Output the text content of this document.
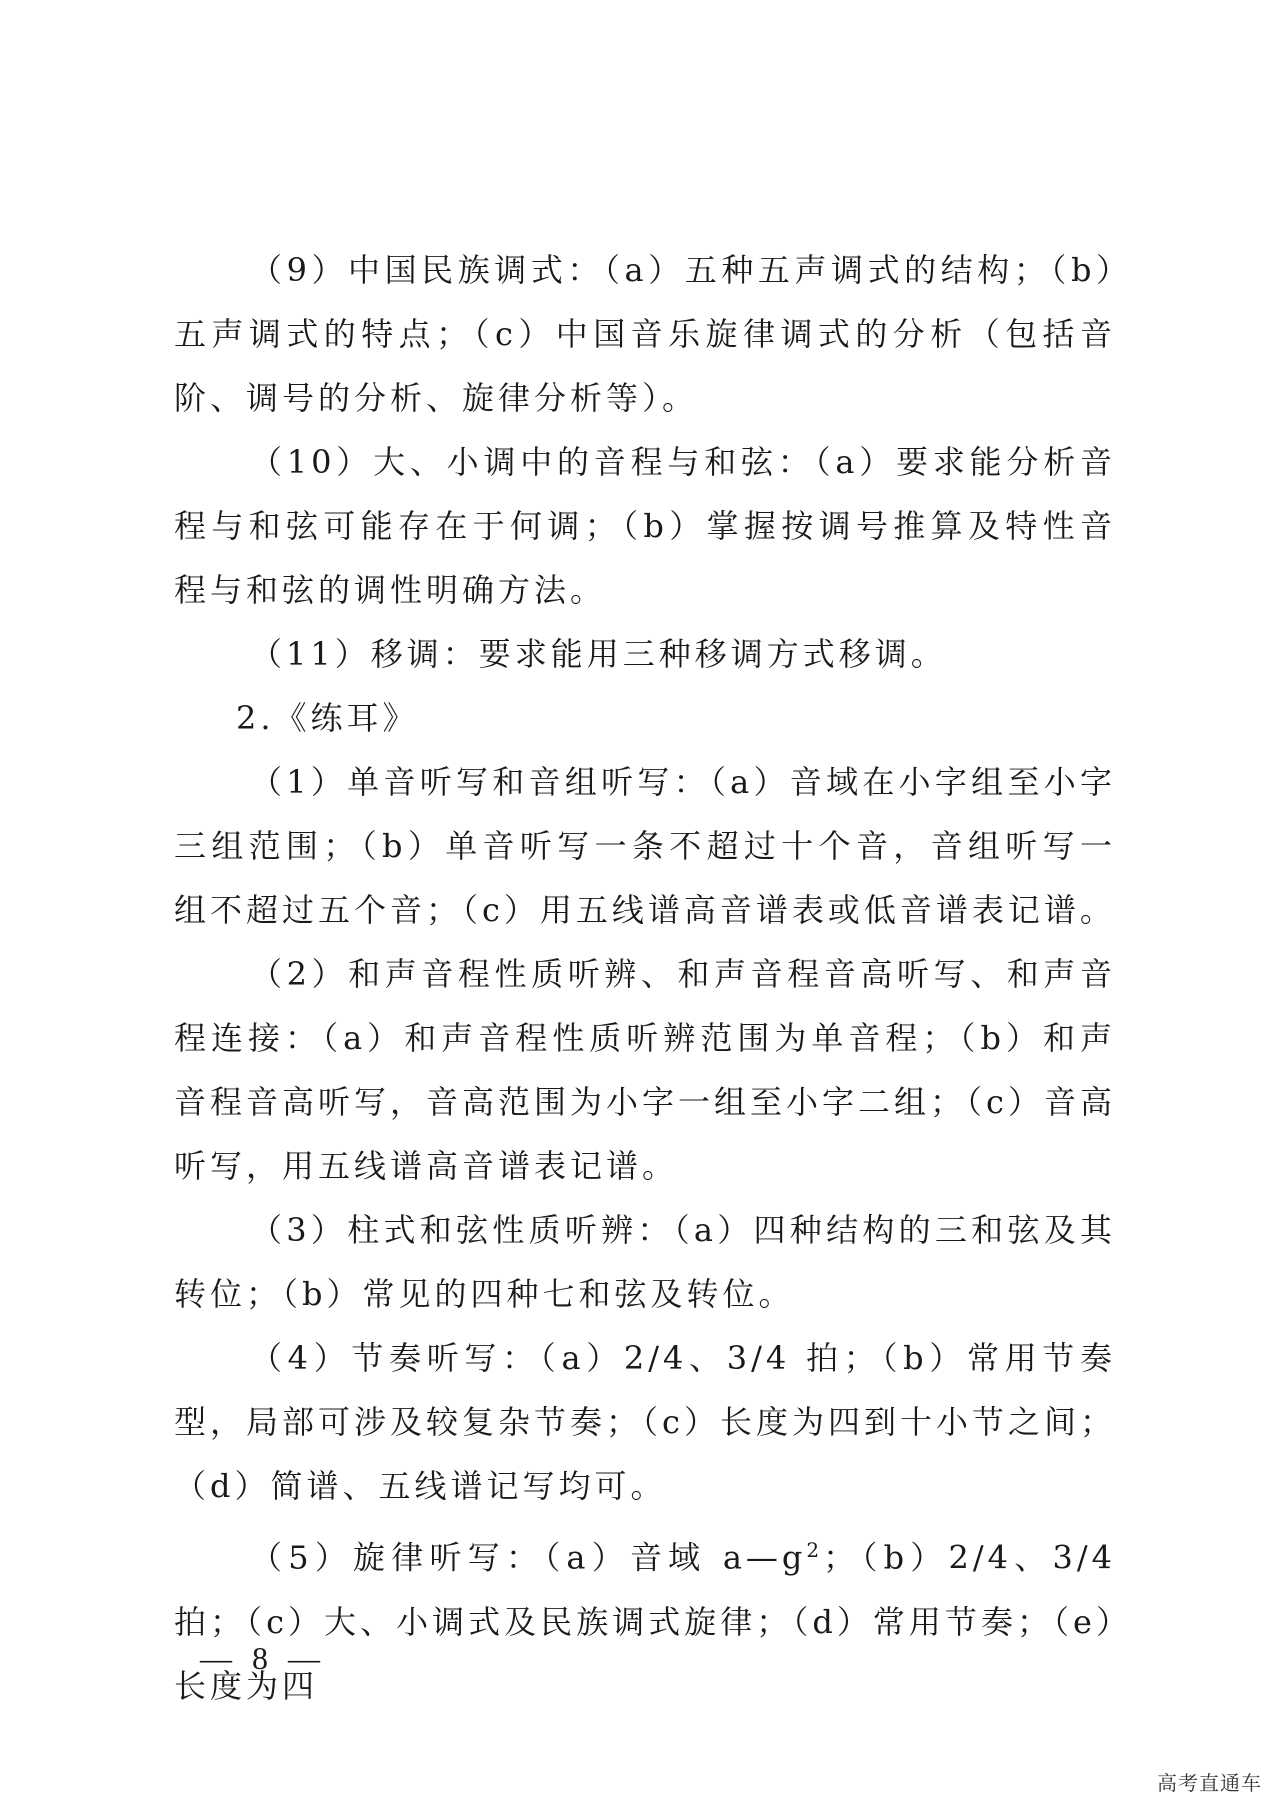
（9）中国民族调式：（a）五种五声调式的结构；（b）五声调式的特点；（c）中国音乐旋律调式的分析（包括音阶、调号的分析、旋律分析等）。

（10）大、小调中的音程与和弦：（a）要求能分析音程与和弦可能存在于何调；（b）掌握按调号推算及特性音程与和弦的调性明确方法。

（11）移调：要求能用三种移调方式移调。

2.《练耳》

（1）单音听写和音组听写：（a）音域在小字组至小字三组范围；（b）单音听写一条不超过十个音，音组听写一组不超过五个音；（c）用五线谱高音谱表或低音谱表记谱。

（2）和声音程性质听辨、和声音程音高听写、和声音程连接：（a）和声音程性质听辨范围为单音程；（b）和声音程音高听写，音高范围为小字一组至小字二组；（c）音高听写，用五线谱高音谱表记谱。

（3）柱式和弦性质听辨：（a）四种结构的三和弦及其转位；（b）常见的四种七和弦及转位。

（4）节奏听写：（a）2/4、3/4 拍；（b）常用节奏型，局部可涉及较复杂节奏；（c）长度为四到十小节之间；（d）简谱、五线谱记写均可。

（5）旋律听写：（a）音域 $a—g^2$；（b）2/4、3/4 拍；（c）大、小调式及民族调式旋律；（d）常用节奏；（e）长度为四

— 8 —
高考直通车
